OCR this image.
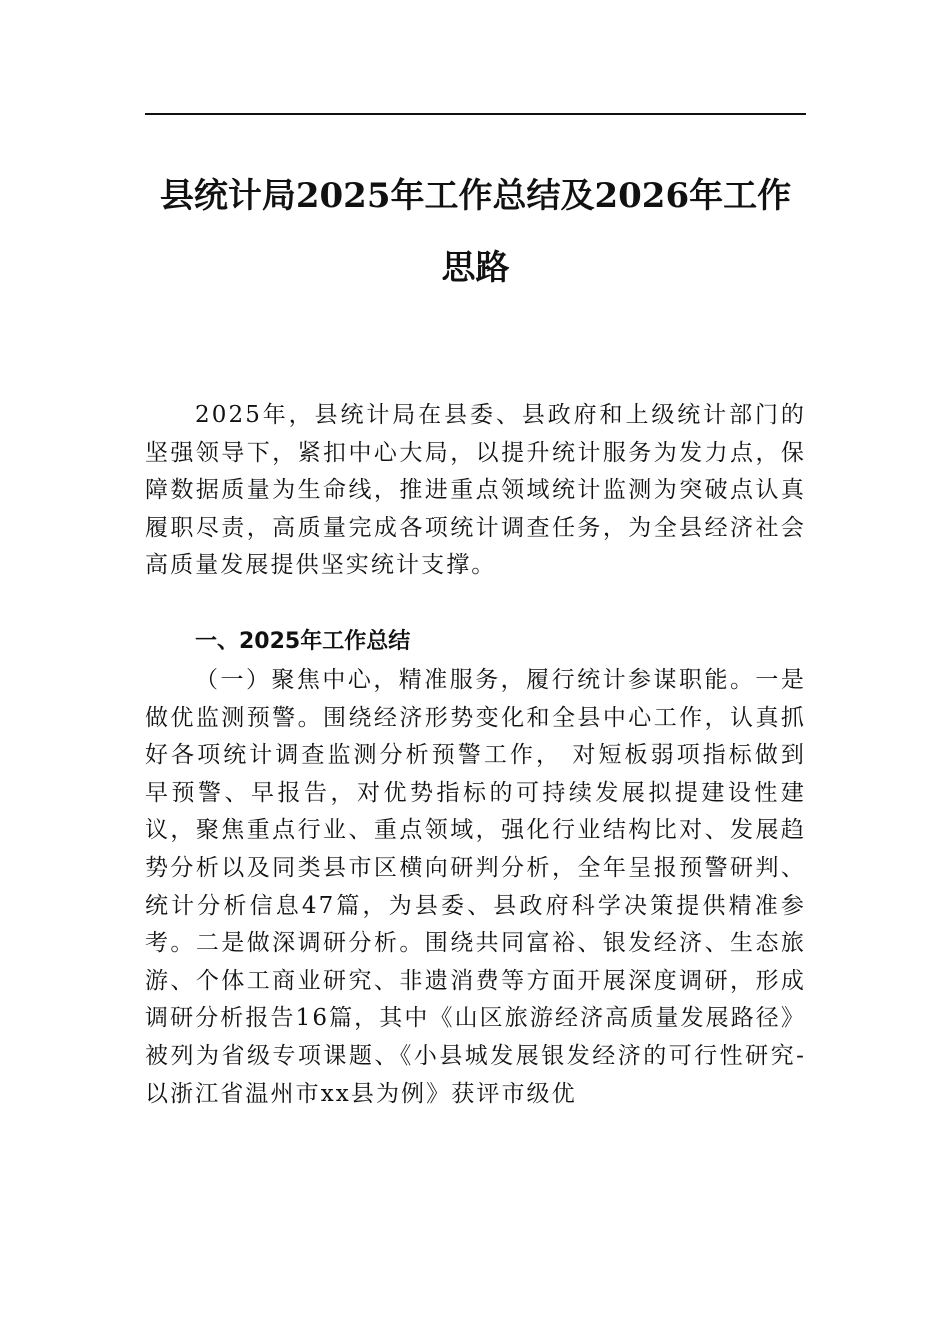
县统计局2025年工作总结及2026年工作思路

2025年，县统计局在县委、县政府和上级统计部门的坚强领导下，紧扣中心大局，以提升统计服务为发力点，保障数据质量为生命线，推进重点领域统计监测为突破点认真履职尽责，高质量完成各项统计调查任务，为全县经济社会高质量发展提供坚实统计支撑。

一、2025年工作总结

（一）聚焦中心，精准服务，履行统计参谋职能。一是做优监测预警。围绕经济形势变化和全县中心工作，认真抓好各项统计调查监测分析预警工作， 对短板弱项指标做到早预警、早报告，对优势指标的可持续发展拟提建设性建议，聚焦重点行业、重点领域，强化行业结构比对、发展趋势分析以及同类县市区横向研判分析，全年呈报预警研判、统计分析信息47篇，为县委、县政府科学决策提供精准参考。二是做深调研分析。围绕共同富裕、银发经济、生态旅游、个体工商业研究、非遗消费等方面开展深度调研，形成调研分析报告16篇，其中《山区旅游经济高质量发展路径》被列为省级专项课题、《小县城发展银发经济的可行性研究-以浙江省温州市xx县为例》获评市级优
